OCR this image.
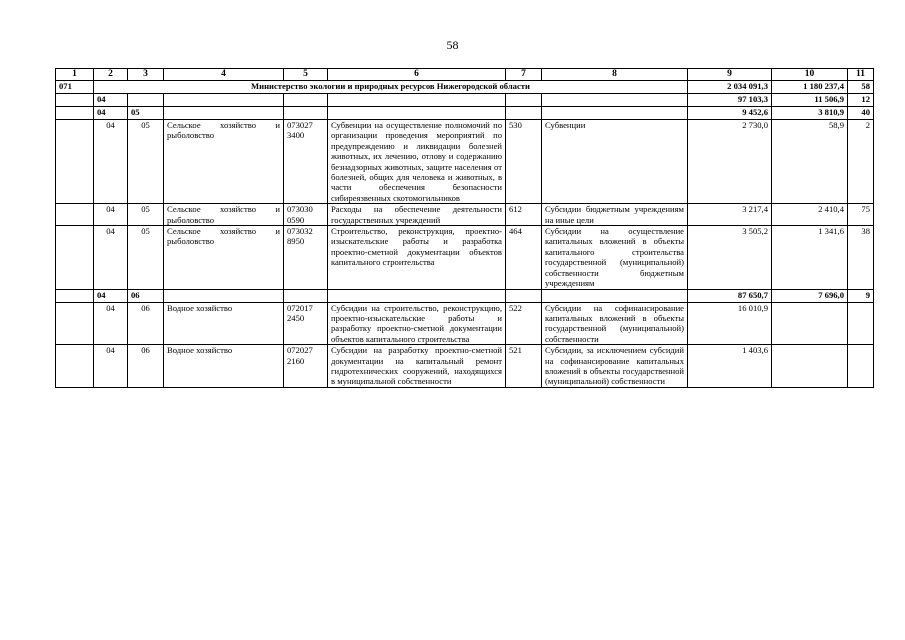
58
1	2	3	4	5	6	7	8	9	10	11
071	Министерство экологии и природных ресурсов Нижегородской области							2 034 091,3	1 180 237,4	58
	04							97 103,3	11 506,9	12
	04	05						9 452,6	3 810,9	40
	04	05	Сельское хозяйство и рыболовство	073027 3400	Субвенции на осуществление полномочий по организации проведения мероприятий по предупреждению и ликвидации болезней животных, их лечению, отлову и содержанию безнадзорных животных, защите населения от болезней, общих для человека и животных, в части обеспечения безопасности сибиреязвенных скотомогильников	530	Субвенции	2 730,0	58,9	2
	04	05	Сельское хозяйство и рыболовство	073030 0590	Расходы на обеспечение деятельности государственных учреждений	612	Субсидии бюджетным учреждениям на иные цели	3 217,4	2 410,4	75
	04	05	Сельское хозяйство и рыболовство	073032 8950	Строительство, реконструкция, проектно-изыскательские работы и разработка проектно-сметной документации объектов капитального строительства	464	Субсидии на осуществление капитальных вложений в объекты капитального строительства государственной (муниципальной) собственности бюджетным учреждениям	3 505,2	1 341,6	38
	04	06						87 650,7	7 696,0	9
	04	06	Водное хозяйство	072017 2450	Субсидии на строительство, реконструкцию, проектно-изыскательские работы и разработку проектно-сметной документации объектов капитального строительства	522	Субсидии на софинансирование капитальных вложений в объекты государственной (муниципальной) собственности	16 010,9		
	04	06	Водное хозяйство	072027 2160	Субсидии на разработку проектно-сметной документации на капитальный ремонт гидротехнических сооружений, находящихся в муниципальной собственности	521	Субсидии, за исключением субсидий на софинансирование капитальных вложений в объекты государственной (муниципальной) собственности	1 403,6		
